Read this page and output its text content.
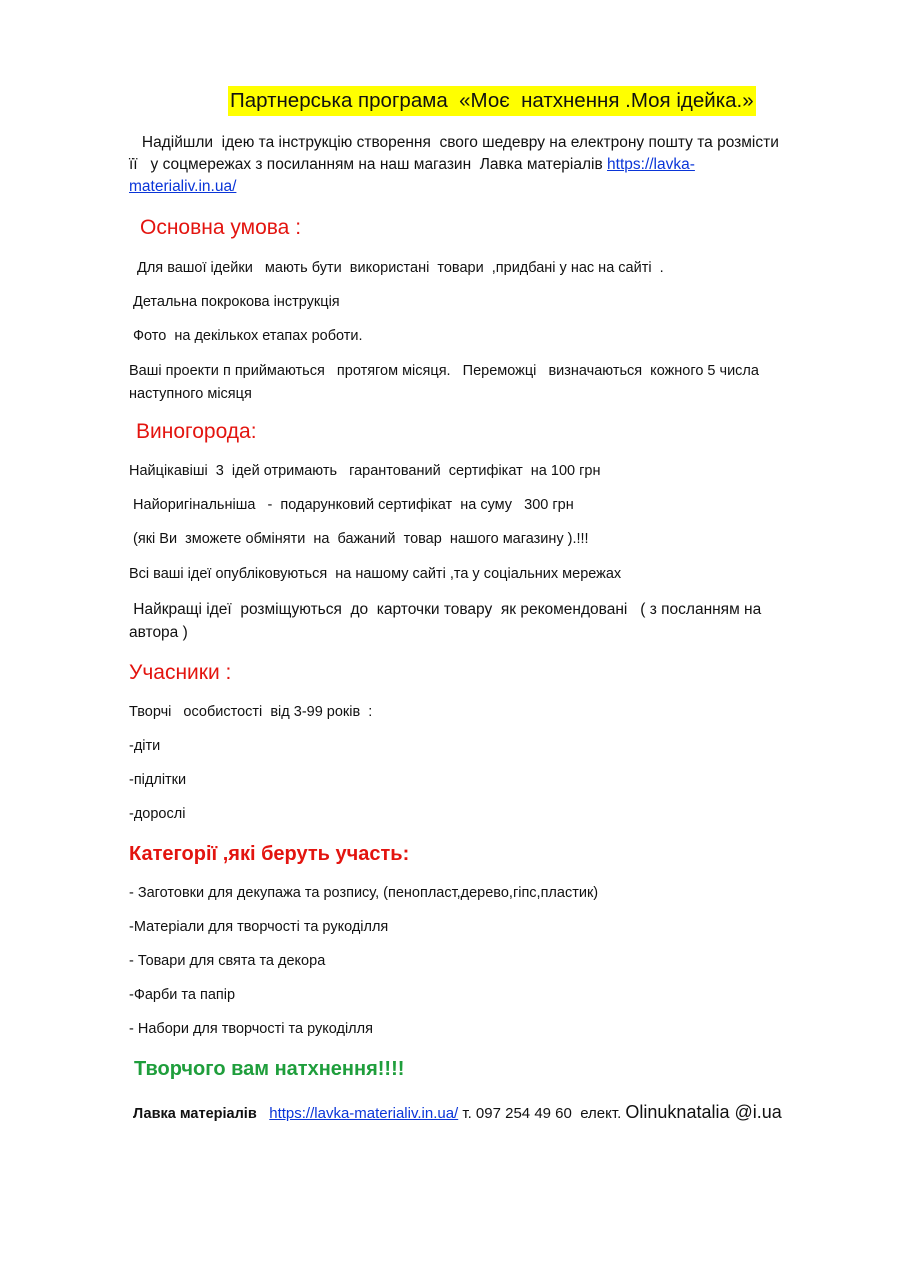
Партнерська програма  «Моє  натхнення .Моя ідейка.»

Надійшли  ідею та інструкцію створення  свого шедевру на електрону пошту та розмісти

її   у соцмережах з посиланням на наш магазин  Лавка матеріалів https://lavka-

materialiv.in.ua/

Основна умова :
Для вашої ідейки   мають бути  використані  товари  ,придбані у нас на сайті  .
Детальна покрокова інструкція
Фото  на декількох етапах роботи.

Ваші проекти п приймаються   протягом місяця.   Переможці   визначаються  кожного 5 числа

наступного місяця

Виногорода:
Найцікавіші  3  ідей отримають   гарантований  сертифікат  на 100 грн
Найоригінальніша   -  подарунковий сертифікат  на суму   300 грн
(які Ви  зможете обміняти  на  бажаний  товар  нашого магазину ).!!!
Всі ваші ідеї опубліковуються  на нашому сайті ,та у соціальних мережах

Найкращі ідеї  розміщуються  до  карточки товару  як рекомендовані   ( з посланням на

автора )

Учасники :
Творчі   особистості  від 3-99 років  :
-діти
-підлітки
-дорослі
Категорії ,які беруть участь:
- Заготовки для декупажа та розпису, (пенопласт,дерево,гіпс,пластик)
-Матеріали для творчості та рукоділля
- Товари для свята та декора
-Фарби та папір
- Набори для творчості та рукоділля
Творчого вам натхнення!!!!
Лавка матеріалів https://lavka-materialiv.in.ua/ т. 097 254 49 60  елект. Olinuknatalia @i.ua
